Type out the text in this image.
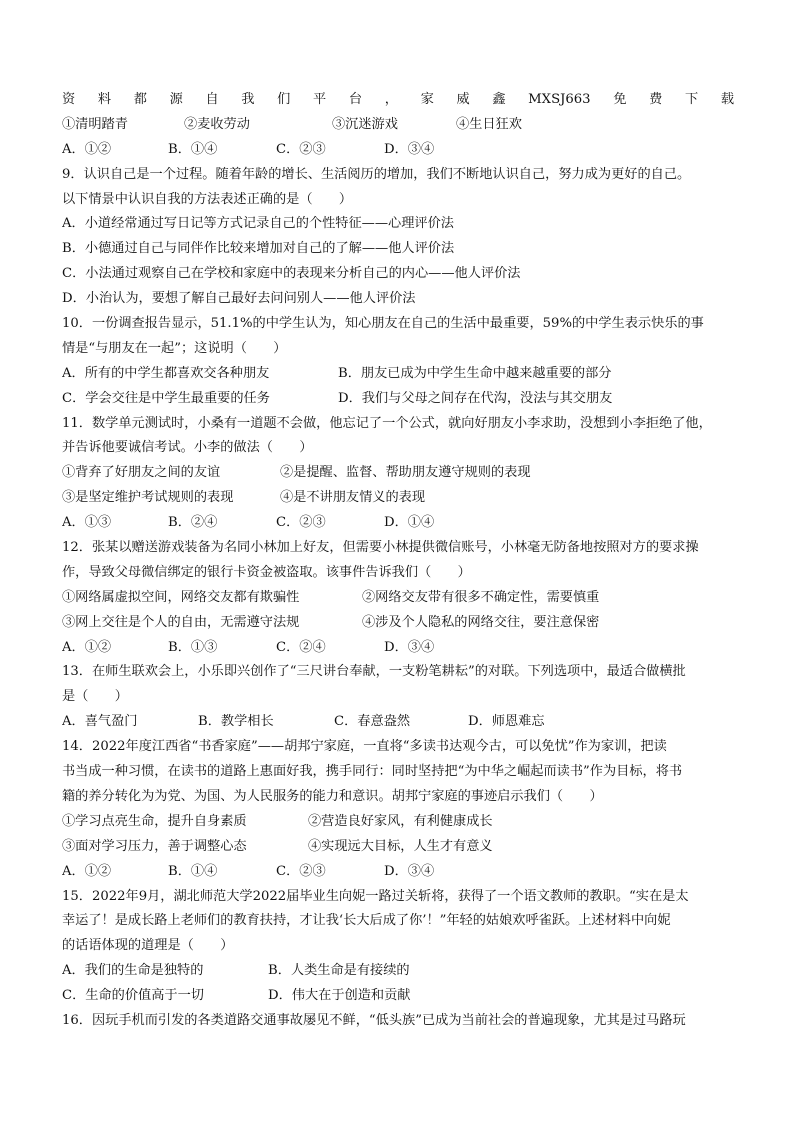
资 料 都 源 自 我 们 平 台 ， 家 威 鑫 MXSJ663 免 费 下 载
①清明踏青	②麦收劳动	③沉迷游戏	④生日狂欢
A．①②	B．①④	C．②③	D．③④
9．认识自己是一个过程。随着年龄的增长、生活阅历的增加，我们不断地认识自己，努力成为更好的自己。
以下情景中认识自我的方法表述正确的是（　　）
A．小道经常通过写日记等方式记录自己的个性特征——心理评价法
B．小德通过自己与同伴作比较来增加对自己的了解——他人评价法
C．小法通过观察自己在学校和家庭中的表现来分析自己的内心——他人评价法
D．小治认为，要想了解自己最好去问问别人——他人评价法
10．一份调查报告显示，51.1%的中学生认为，知心朋友在自己的生活中最重要，59%的中学生表示快乐的事
情是“与朋友在一起”；这说明（　　）
A．所有的中学生都喜欢交各种朋友	B．朋友已成为中学生生命中越来越重要的部分
C．学会交往是中学生最重要的任务	D．我们与父母之间存在代沟，没法与其交朋友
11．数学单元测试时，小桑有一道题不会做，他忘记了一个公式，就向好朋友小李求助，没想到小李拒绝了他，
并告诉他要诚信考试。小李的做法（　　）
①背弃了好朋友之间的友谊	②是提醒、监督、帮助朋友遵守规则的表现
③是坚定维护考试规则的表现	④是不讲朋友情义的表现
A．①③	B．②④	C．②③	D．①④
12．张某以赠送游戏装备为名同小林加上好友，但需要小林提供微信账号，小林毫无防备地按照对方的要求操
作，导致父母微信绑定的银行卡资金被盗取。该事件告诉我们（　　）
①网络属虚拟空间，网络交友都有欺骗性	②网络交友带有很多不确定性，需要慎重
③网上交往是个人的自由，无需遵守法规	④涉及个人隐私的网络交往，要注意保密
A．①②	B．①③	C．②④	D．③④
13．在师生联欢会上，小乐即兴创作了“三尺讲台奉献，一支粉笔耕耘”的对联。下列选项中，最适合做横批
是（　　）
A．喜气盈门	B．教学相长	C．春意盎然	D．师恩难忘
14．2022年度江西省“书香家庭”——胡邦宁家庭，一直将“多读书达观今古，可以免忧”作为家训，把读
书当成一种习惯，在读书的道路上惠面好我，携手同行：同时坚持把“为中华之崛起而读书”作为目标，将书
籍的养分转化为为党、为国、为人民服务的能力和意识。胡邦宁家庭的事迹启示我们（　　）
①学习点亮生命，提升自身素质	②营造良好家风，有利健康成长
③面对学习压力，善于调整心态	④实现远大目标，人生才有意义
A．①②	B．①④	C．②③	D．③④
15．2022年9月，湖北师范大学2022届毕业生向妮一路过关斩将，获得了一个语文教师的教职。“实在是太
幸运了！是成长路上老师们的教育扶持，才让我‘长大后成了你’！”年轻的姑娘欢呼雀跃。上述材料中向妮
的话语体现的道理是（　　）
A．我们的生命是独特的	B．人类生命是有接续的
C．生命的价值高于一切	D．伟大在于创造和贡献
16．因玩手机而引发的各类道路交通事故屡见不鲜，“低头族”已成为当前社会的普遍现象，尤其是过马路玩
